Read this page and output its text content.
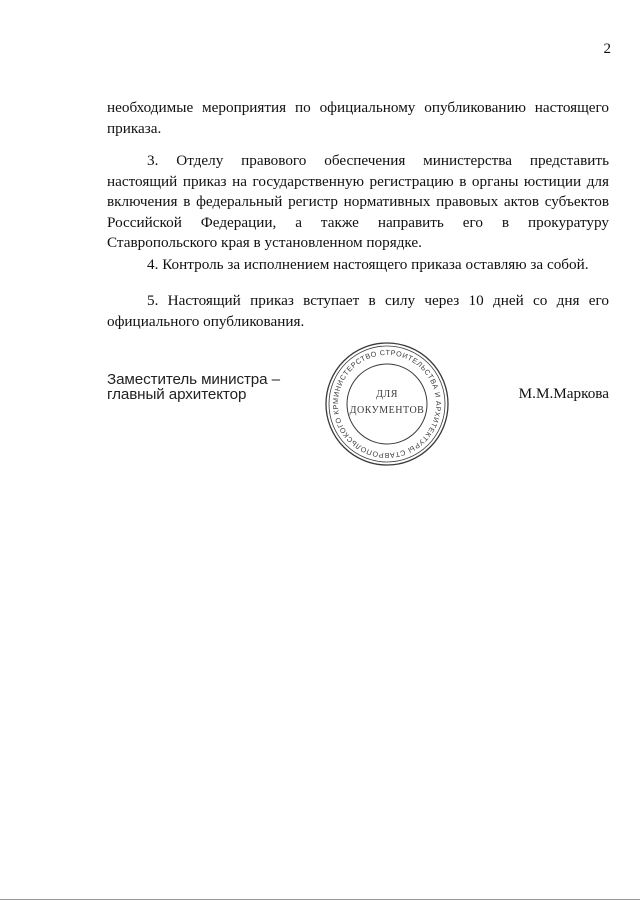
2

необходимые мероприятия по официальному опубликованию настоящего приказа.

3. Отделу правового обеспечения министерства представить настоящий приказ на государственную регистрацию в органы юстиции для включения в федеральный регистр нормативных правовых актов субъектов Российской Федерации, а также направить его в прокуратуру Ставропольского края в установленном порядке.

4. Контроль за исполнением настоящего приказа оставляю за собой.

5. Настоящий приказ вступает в силу через 10 дней со дня его официального опубликования.

Заместитель министра –
главный архитектор	МИНИСТЕРСТВО СТРОИТЕЛЬСТВА И АРХИТЕКТУРЫ СТАВРОПОЛЬСКОГО КР
ДЛЯ
ДОКУМЕНТОВ
М.М.Маркова
